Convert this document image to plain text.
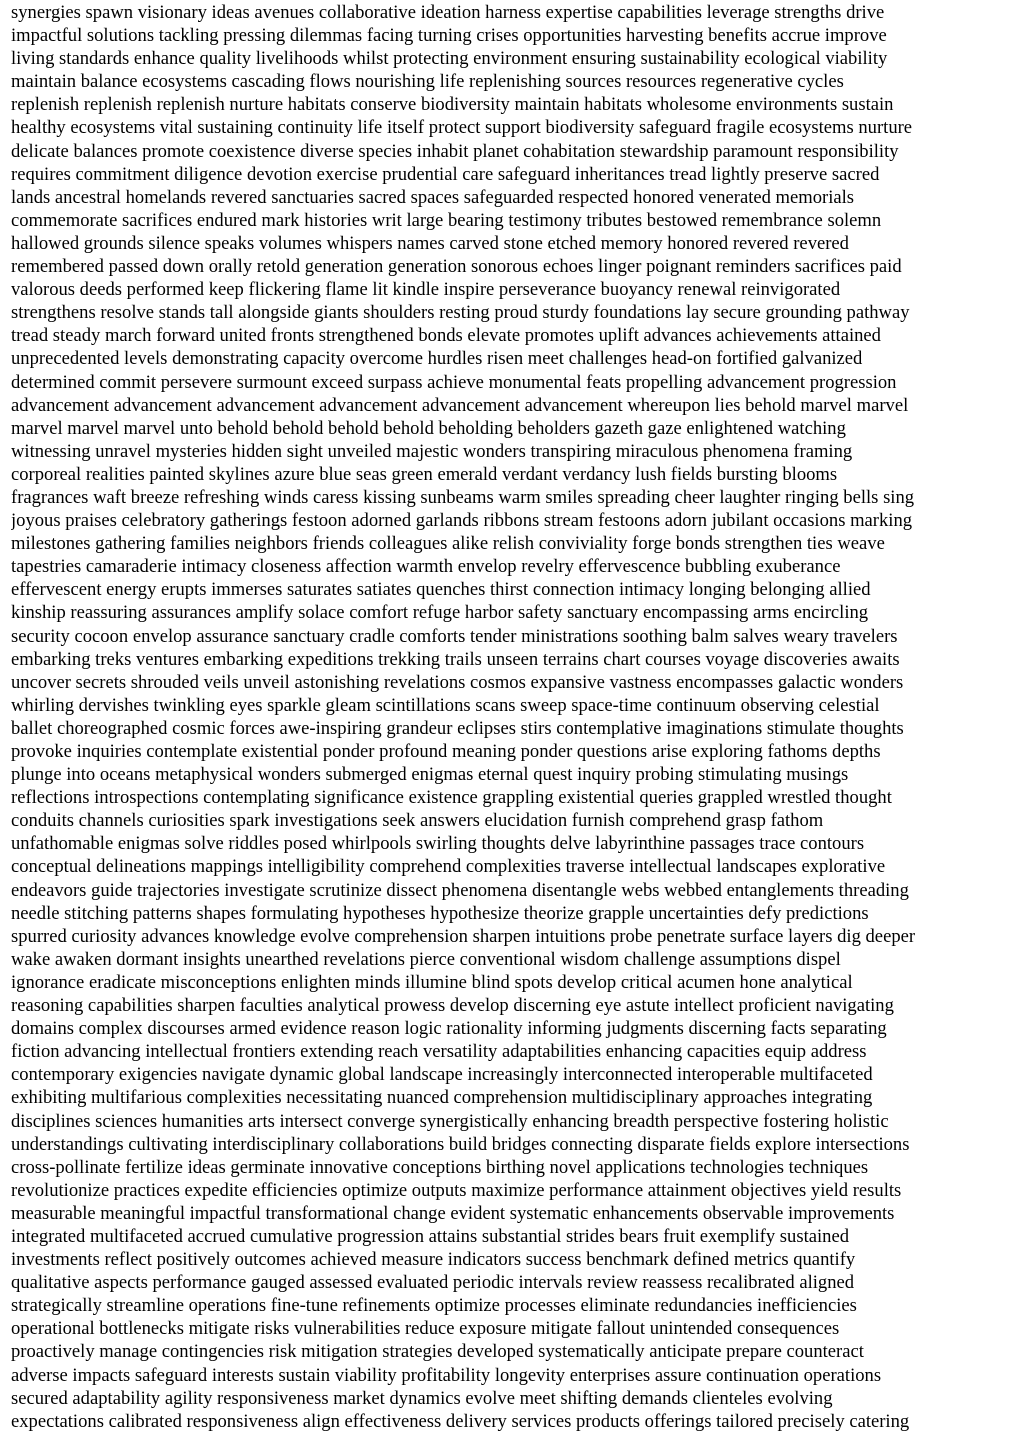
synergies spawn visionary ideas avenues collaborative ideation harness expertise capabilities leverage strengths drive
impactful solutions tackling pressing dilemmas facing turning crises opportunities harvesting benefits accrue improve
living standards enhance quality livelihoods whilst protecting environment ensuring sustainability ecological viability
maintain balance ecosystems cascading flows nourishing life replenishing sources resources regenerative cycles
replenish replenish replenish nurture habitats conserve biodiversity maintain habitats wholesome environments sustain
healthy ecosystems vital sustaining continuity life itself protect support biodiversity safeguard fragile ecosystems nurture
delicate balances promote coexistence diverse species inhabit planet cohabitation stewardship paramount responsibility
requires commitment diligence devotion exercise prudential care safeguard inheritances tread lightly preserve sacred
lands ancestral homelands revered sanctuaries sacred spaces safeguarded respected honored venerated memorials
commemorate sacrifices endured mark histories writ large bearing testimony tributes bestowed remembrance solemn
hallowed grounds silence speaks volumes whispers names carved stone etched memory honored revered revered
remembered passed down orally retold generation generation sonorous echoes linger poignant reminders sacrifices paid
valorous deeds performed keep flickering flame lit kindle inspire perseverance buoyancy renewal reinvigorated
strengthens resolve stands tall alongside giants shoulders resting proud sturdy foundations lay secure grounding pathway
tread steady march forward united fronts strengthened bonds elevate promotes uplift advances achievements attained
unprecedented levels demonstrating capacity overcome hurdles risen meet challenges head-on fortified galvanized
determined commit persevere surmount exceed surpass achieve monumental feats propelling advancement progression
advancement advancement advancement advancement advancement advancement whereupon lies behold marvel marvel
marvel marvel marvel unto behold behold behold behold beholding beholders gazeth gaze enlightened watching
witnessing unravel mysteries hidden sight unveiled majestic wonders transpiring miraculous phenomena framing
corporeal realities painted skylines azure blue seas green emerald verdant verdancy lush fields bursting blooms
fragrances waft breeze refreshing winds caress kissing sunbeams warm smiles spreading cheer laughter ringing bells sing
joyous praises celebratory gatherings festoon adorned garlands ribbons stream festoons adorn jubilant occasions marking
milestones gathering families neighbors friends colleagues alike relish conviviality forge bonds strengthen ties weave
tapestries camaraderie intimacy closeness affection warmth envelop revelry effervescence bubbling exuberance
effervescent energy erupts immerses saturates satiates quenches thirst connection intimacy longing belonging allied
kinship reassuring assurances amplify solace comfort refuge harbor safety sanctuary encompassing arms encircling
security cocoon envelop assurance sanctuary cradle comforts tender ministrations soothing balm salves weary travelers
embarking treks ventures embarking expeditions trekking trails unseen terrains chart courses voyage discoveries awaits
uncover secrets shrouded veils unveil astonishing revelations cosmos expansive vastness encompasses galactic wonders
whirling dervishes twinkling eyes sparkle gleam scintillations scans sweep space-time continuum observing celestial
ballet choreographed cosmic forces awe-inspiring grandeur eclipses stirs contemplative imaginations stimulate thoughts
provoke inquiries contemplate existential ponder profound meaning ponder questions arise exploring fathoms depths
plunge into oceans metaphysical wonders submerged enigmas eternal quest inquiry probing stimulating musings
reflections introspections contemplating significance existence grappling existential queries grappled wrestled thought
conduits channels curiosities spark investigations seek answers elucidation furnish comprehend grasp fathom
unfathomable enigmas solve riddles posed whirlpools swirling thoughts delve labyrinthine passages trace contours
conceptual delineations mappings intelligibility comprehend complexities traverse intellectual landscapes explorative
endeavors guide trajectories investigate scrutinize dissect phenomena disentangle webs webbed entanglements threading
needle stitching patterns shapes formulating hypotheses hypothesize theorize grapple uncertainties defy predictions
spurred curiosity advances knowledge evolve comprehension sharpen intuitions probe penetrate surface layers dig deeper
wake awaken dormant insights unearthed revelations pierce conventional wisdom challenge assumptions dispel
ignorance eradicate misconceptions enlighten minds illumine blind spots develop critical acumen hone analytical
reasoning capabilities sharpen faculties analytical prowess develop discerning eye astute intellect proficient navigating
domains complex discourses armed evidence reason logic rationality informing judgments discerning facts separating
fiction advancing intellectual frontiers extending reach versatility adaptabilities enhancing capacities equip address
contemporary exigencies navigate dynamic global landscape increasingly interconnected interoperable multifaceted
exhibiting multifarious complexities necessitating nuanced comprehension multidisciplinary approaches integrating
disciplines sciences humanities arts intersect converge synergistically enhancing breadth perspective fostering holistic
understandings cultivating interdisciplinary collaborations build bridges connecting disparate fields explore intersections
cross-pollinate fertilize ideas germinate innovative conceptions birthing novel applications technologies techniques
revolutionize practices expedite efficiencies optimize outputs maximize performance attainment objectives yield results
measurable meaningful impactful transformational change evident systematic enhancements observable improvements
integrated multifaceted accrued cumulative progression attains substantial strides bears fruit exemplify sustained
investments reflect positively outcomes achieved measure indicators success benchmark defined metrics quantify
qualitative aspects performance gauged assessed evaluated periodic intervals review reassess recalibrated aligned
strategically streamline operations fine-tune refinements optimize processes eliminate redundancies inefficiencies
operational bottlenecks mitigate risks vulnerabilities reduce exposure mitigate fallout unintended consequences
proactively manage contingencies risk mitigation strategies developed systematically anticipate prepare counteract
adverse impacts safeguard interests sustain viability profitability longevity enterprises assure continuation operations
secured adaptability agility responsiveness market dynamics evolve meet shifting demands clienteles evolving
expectations calibrated responsiveness align effectiveness delivery services products offerings tailored precisely catering
